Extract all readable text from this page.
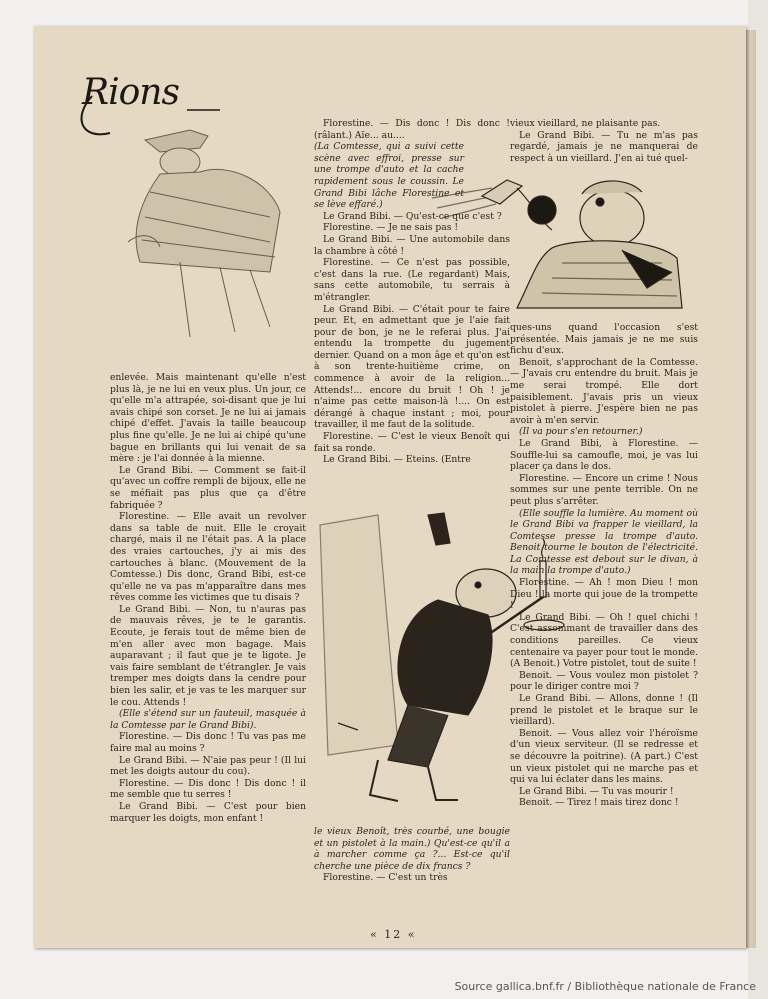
Rions

enlevée. Mais maintenant qu'elle n'est plus là, je ne lui en veux plus. Un jour, ce qu'elle m'a attrapée, soi-disant que je lui avais chipé son corset. Je ne lui ai jamais chipé d'effet. J'avais la taille beaucoup plus fine qu'elle. Je ne lui ai chipé qu'une bague en brillants qui lui venait de sa mère : je l'ai donnée à la mienne.

Le Grand Bibi. — Comment se fait-il qu'avec un coffre rempli de bijoux, elle ne se méfiait pas plus que ça d'être fabriquée ?

Florestine. — Elle avait un revolver dans sa table de nuit. Elle le croyait chargé, mais il ne l'était pas. A la place des vraies cartouches, j'y ai mis des cartouches à blanc. (Mouvement de la Comtesse.) Dis donc, Grand Bibi, est-ce qu'elle ne va pas m'apparaître dans mes rêves comme les victimes que tu disais ?

Le Grand Bibi. — Non, tu n'auras pas de mauvais rêves, je te le garantis. Ecoute, je ferais tout de même bien de m'en aller avec mon bagage. Mais auparavant ; il faut que je te ligote. Je vais faire semblant de t'étrangler. Je vais tremper mes doigts dans la cendre pour bien les salir, et je vas te les marquer sur le cou. Attends !

(Elle s'étend sur un fauteuil, masquée à la Comtesse par le Grand Bibi).

Florestine. — Dis donc ! Tu vas pas me faire mal au moins ?

Le Grand Bibi. — N'aie pas peur ! (Il lui met les doigts autour du cou).

Florestine. — Dis donc ! Dis donc ! il me semble que tu serres !

Le Grand Bibi. — C'est pour bien marquer les doigts, mon enfant !

Florestine. — Dis donc ! Dis donc ! (râlant.) Aïe... au....

(La Comtesse, qui a suivi cette scène avec effroi, presse sur une trompe d'auto et la cache rapidement sous le coussin. Le Grand Bibi lâche Florestine et se lève effaré.)

Le Grand Bibi. — Qu'est-ce que c'est ?

Florestine. — Je ne sais pas !

Le Grand Bibi. — Une automobile dans la chambre à côté !

Florestine. — Ce n'est pas possible, c'est dans la rue. (Le regardant) Mais, sans cette automobile, tu serrais à m'étrangler.

Le Grand Bibi. — C'était pour te faire peur. Et, en admettant que je l'aie fait pour de bon, je ne le referai plus. J'ai entendu la trompette du jugement dernier. Quand on a mon âge et qu'on est à son trente-huitième crime, on commence à avoir de la religion... Attends!... encore du bruit ! Oh ! je n'aime pas cette maison-là !.... On est dérangé à chaque instant ; moi, pour travailler, il me faut de la solitude.

Florestine. — C'est le vieux Benoît qui fait sa ronde.

Le Grand Bibi. — Eteins. (Entre

le vieux Benoît, très courbé, une bougie et un pistolet à la main.) Qu'est-ce qu'il a à marcher comme ça ?... Est-ce qu'il cherche une pièce de dix francs ?

Florestine. — C'est un très

vieux vieillard, ne plaisante pas.

Le Grand Bibi. — Tu ne m'as pas regardé, jamais je ne manquerai de respect à un vieillard. J'en ai tué quel-

ques-uns quand l'occasion s'est présentée. Mais jamais je ne me suis fichu d'eux.

Benoit, s'approchant de la Comtesse. — J'avais cru entendre du bruit. Mais je me serai trompé. Elle dort paisiblement. J'avais pris un vieux pistolet à pierre. J'espère bien ne pas avoir à m'en servir.

(Il va pour s'en retourner.)

Le Grand Bibi, à Florestine. — Souffle-lui sa camoufle, moi, je vas lui placer ça dans le dos.

Florestine. — Encore un crime ! Nous sommes sur une pente terrible. On ne peut plus s'arrêter.

(Elle souffle la lumière. Au moment où le Grand Bibi va frapper le vieillard, la Comtesse presse la trompe d'auto. Benoit tourne le bouton de l'électricité. La Comtesse est debout sur le divan, à la main la trompe d'auto.)

Florestine. — Ah ! mon Dieu ! mon Dieu ! la morte qui joue de la trompette !

Le Grand Bibi. — Oh ! quel chichi ! C'est assommant de travailler dans des conditions pareilles. Ce vieux centenaire va payer pour tout le monde. (A Benoit.) Votre pistolet, tout de suite !

Benoit. — Vous voulez mon pistolet ? pour le diriger contre moi ?

Le Grand Bibi. — Allons, donne ! (Il prend le pistolet et le braque sur le vieillard).

Benoit. — Vous allez voir l'héroïsme d'un vieux serviteur. (Il se redresse et se découvre la poitrine). (A part.) C'est un vieux pistolet qui ne marche pas et qui va lui éclater dans les mains.

Le Grand Bibi. — Tu vas mourir !

Benoit. — Tirez ! mais tirez donc !

« 12 «
Source gallica.bnf.fr / Bibliothèque nationale de France
